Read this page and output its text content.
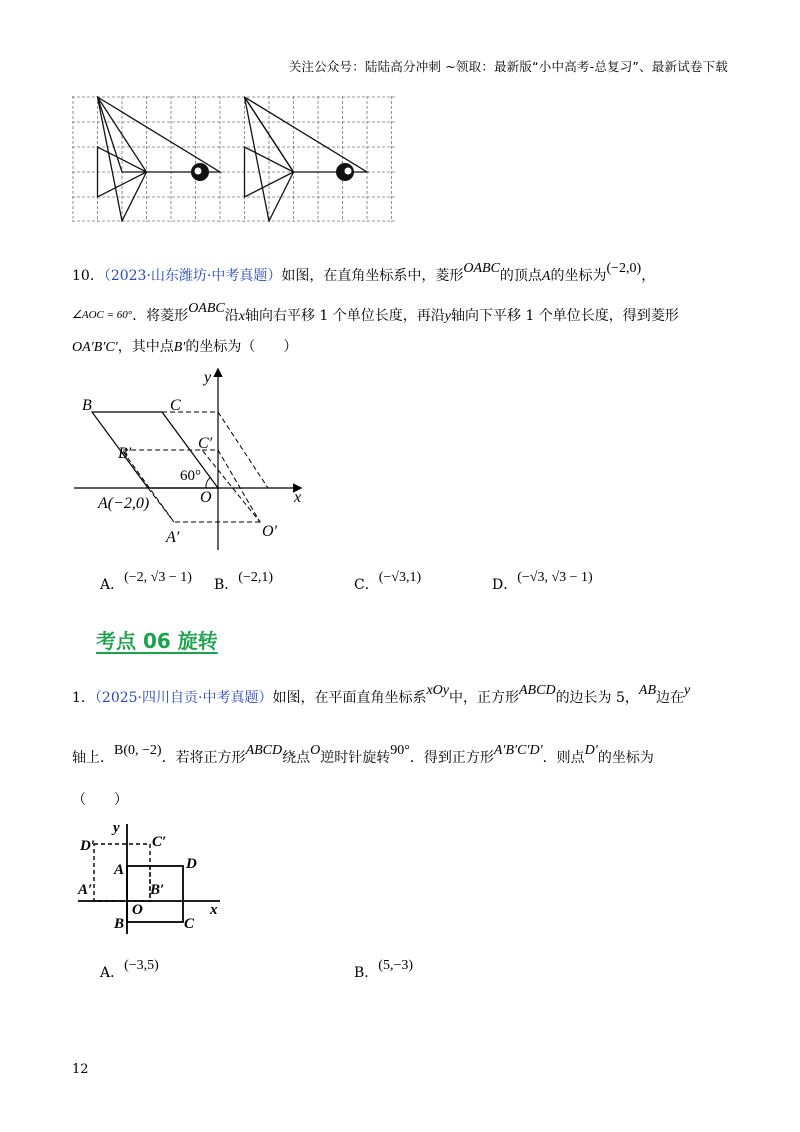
关注公众号：陆陆高分冲刺 ~领取：最新版“小中高考-总复习”、最新试卷下载
10．（2023·山东潍坊·中考真题）如图，在直角坐标系中，菱形OABC的顶点A的坐标为(−2,0)，
∠AOC = 60°．将菱形OABC沿x轴向右平移 1 个单位长度，再沿y轴向下平移 1 个单位长度，得到菱形
OA′B′C′，其中点B′的坐标为（　　）
y
B	C
B′
C′
60°
O	x
A(−2,0)
A′	O′
A．(−2, √3 − 1) B．(−2,1)	C．(−√3,1)	D．(−√3, √3 − 1)
考点 06 旋转
1．（2025·四川自贡·中考真题）如图，在平面直角坐标系xOy中，正方形ABCD的边长为 5，AB边在y
轴上．B(0, −2)．若将正方形ABCD绕点O逆时针旋转90°．得到正方形A′B′C′D′．则点D′的坐标为
（　　）
y
D′	C′
A	D
A′	B′
O	x
B	C
A．(−3,5)	B．(5,−3)
12
